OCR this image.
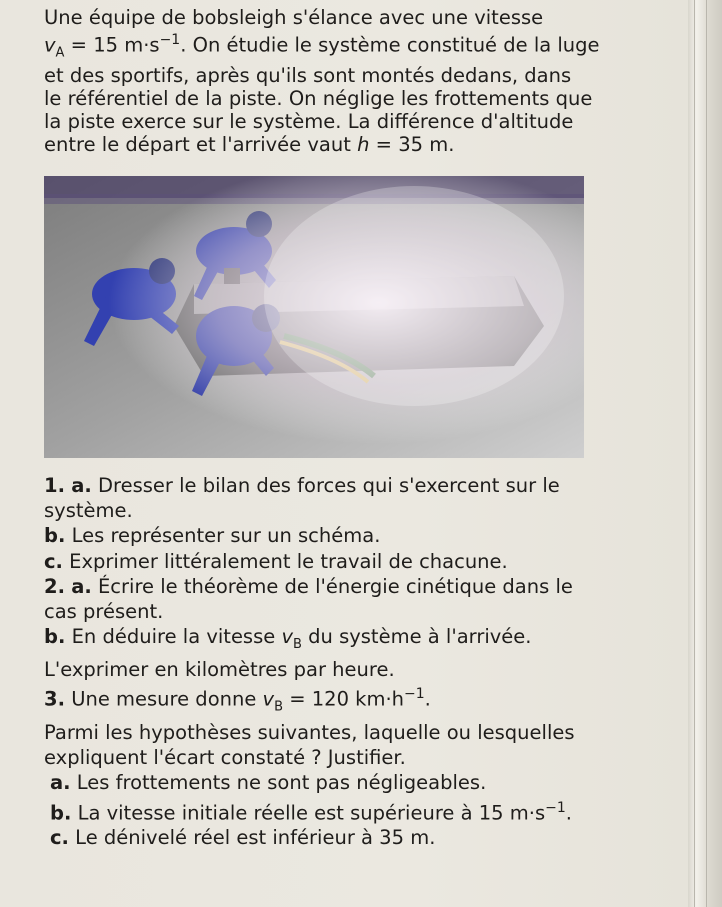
Une équipe de bobsleigh s'élance avec une vitesse

$v_A = 15$ $m\cdot s^{-1}$. On étudie le système constitué de la luge

et des sportifs, après qu'ils sont montés dedans, dans

le référentiel de la piste. On néglige les frottements que

la piste exerce sur le système. La différence d'altitude

entre le départ et l'arrivée vaut h = 35 m.

1. a. Dresser le bilan des forces qui s'exercent sur le

système.

b. Les représenter sur un schéma.

c. Exprimer littéralement le travail de chacune.

2. a. Écrire le théorème de l'énergie cinétique dans le

cas présent.

b. En déduire la vitesse $v_B$ du système à l'arrivée.

L'exprimer en kilomètres par heure.

3. Une mesure donne $v_B = 120$ $km\cdot h^{-1}$.

Parmi les hypothèses suivantes, laquelle ou lesquelles

expliquent l'écart constaté ? Justifier.

a. Les frottements ne sont pas négligeables.

b. La vitesse initiale réelle est supérieure à 15 $m\cdot s^{-1}$.

c. Le dénivelé réel est inférieur à 35 m.
